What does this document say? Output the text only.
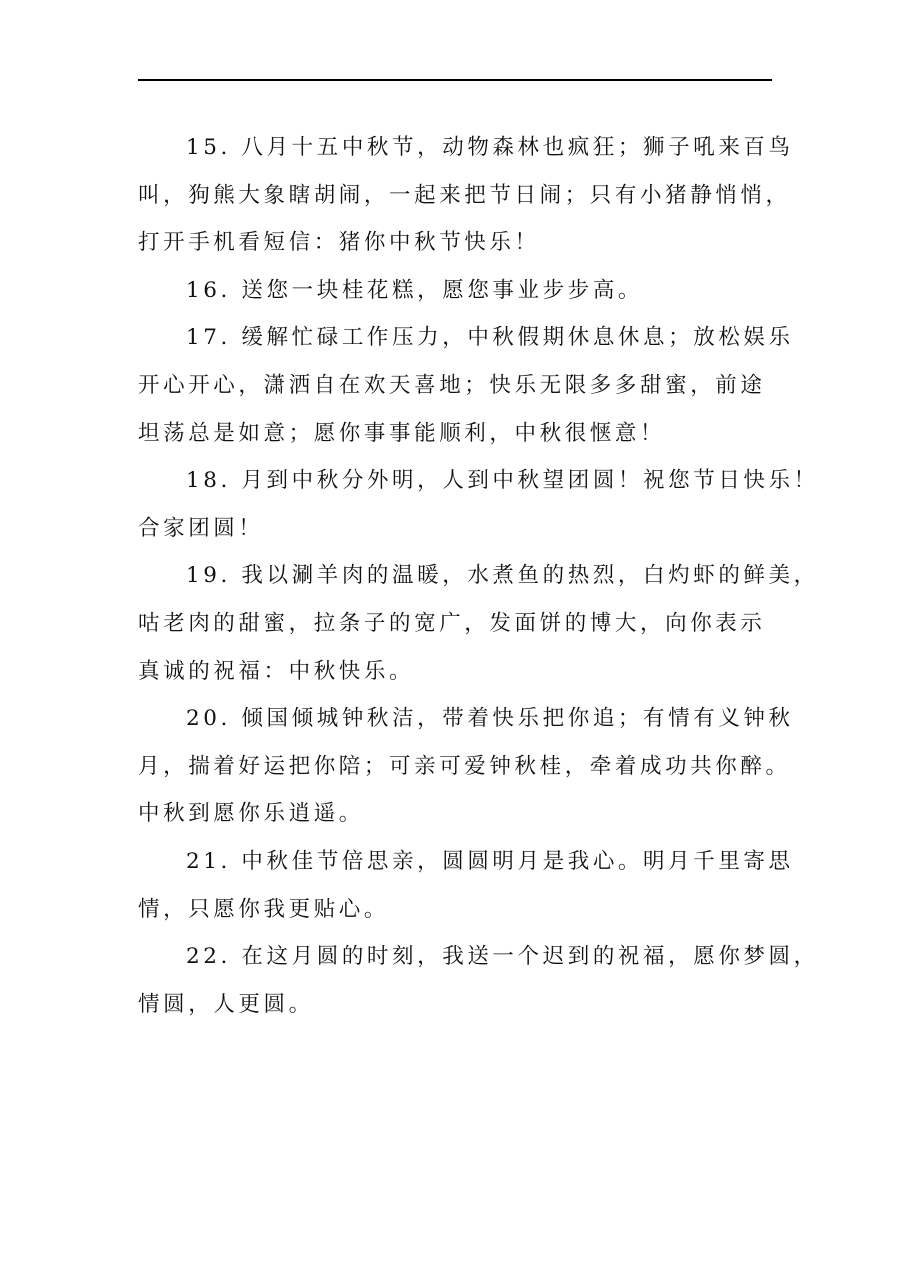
15. 八月十五中秋节，动物森林也疯狂；狮子吼来百鸟
叫，狗熊大象瞎胡闹，一起来把节日闹；只有小猪静悄悄，
打开手机看短信：猪你中秋节快乐！
16. 送您一块桂花糕，愿您事业步步高。
17. 缓解忙碌工作压力，中秋假期休息休息；放松娱乐
开心开心，潇洒自在欢天喜地；快乐无限多多甜蜜，前途
坦荡总是如意；愿你事事能顺利，中秋很惬意！
18. 月到中秋分外明，人到中秋望团圆！祝您节日快乐！
合家团圆！
19. 我以涮羊肉的温暖，水煮鱼的热烈，白灼虾的鲜美，
咕老肉的甜蜜，拉条子的宽广，发面饼的博大，向你表示
真诚的祝福：中秋快乐。
20. 倾国倾城钟秋洁，带着快乐把你追；有情有义钟秋
月，揣着好运把你陪；可亲可爱钟秋桂，牵着成功共你醉。
中秋到愿你乐逍遥。
21. 中秋佳节倍思亲，圆圆明月是我心。明月千里寄思
情，只愿你我更贴心。
22. 在这月圆的时刻，我送一个迟到的祝福，愿你梦圆，
情圆，人更圆。
